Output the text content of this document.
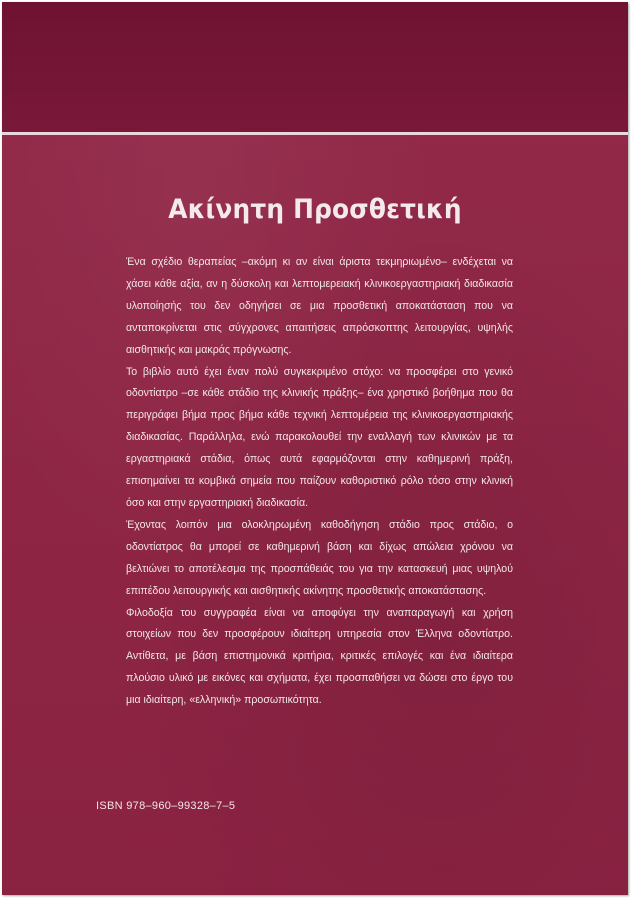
Ακίνητη Προσθετική

Ένα σχέδιο θεραπείας –ακόμη κι αν είναι άριστα τεκμηριωμένο– ενδέχεται να χάσει κάθε αξία, αν η δύσκολη και λεπτομερειακή κλινικοεργαστηριακή διαδικασία υλοποίησής του δεν οδηγήσει σε μια προσθετική αποκατάσταση που να ανταποκρίνεται στις σύγχρονες απαιτήσεις απρόσκοπτης λειτουργίας, υψηλής αισθητικής και μακράς πρόγνωσης.

Το βιβλίο αυτό έχει έναν πολύ συγκεκριμένο στόχο: να προσφέρει στο γενικό οδοντίατρο –σε κάθε στάδιο της κλινικής πράξης– ένα χρηστικό βοήθημα που θα περιγράφει βήμα προς βήμα κάθε τεχνική λεπτομέρεια της κλινικοεργαστηριακής διαδικασίας. Παράλληλα, ενώ παρακολουθεί την εναλλαγή των κλινικών με τα εργαστηριακά στάδια, όπως αυτά εφαρμόζονται στην καθημερινή πράξη, επισημαίνει τα κομβικά σημεία που παίζουν καθοριστικό ρόλο τόσο στην κλινική όσο και στην εργαστηριακή διαδικασία.

Έχοντας λοιπόν μια ολοκληρωμένη καθοδήγηση στάδιο προς στάδιο, ο οδοντίατρος θα μπορεί σε καθημερινή βάση και δίχως απώλεια χρόνου να βελτιώνει το αποτέλεσμα της προσπάθειάς του για την κατασκευή μιας υψηλού επιπέδου λειτουργικής και αισθητικής ακίνητης προσθετικής αποκατάστασης.

Φιλοδοξία του συγγραφέα είναι να αποφύγει την αναπαραγωγή και χρήση στοιχείων που δεν προσφέρουν ιδιαίτερη υπηρεσία στον Έλληνα οδοντίατρο. Αντίθετα, με βάση επιστημονικά κριτήρια, κριτικές επιλογές και ένα ιδιαίτερα πλούσιο υλικό με εικόνες και σχήματα, έχει προσπαθήσει να δώσει στο έργο του μια ιδιαίτερη, «ελληνική» προσωπικότητα.

ISBN 978–960–99328–7–5
